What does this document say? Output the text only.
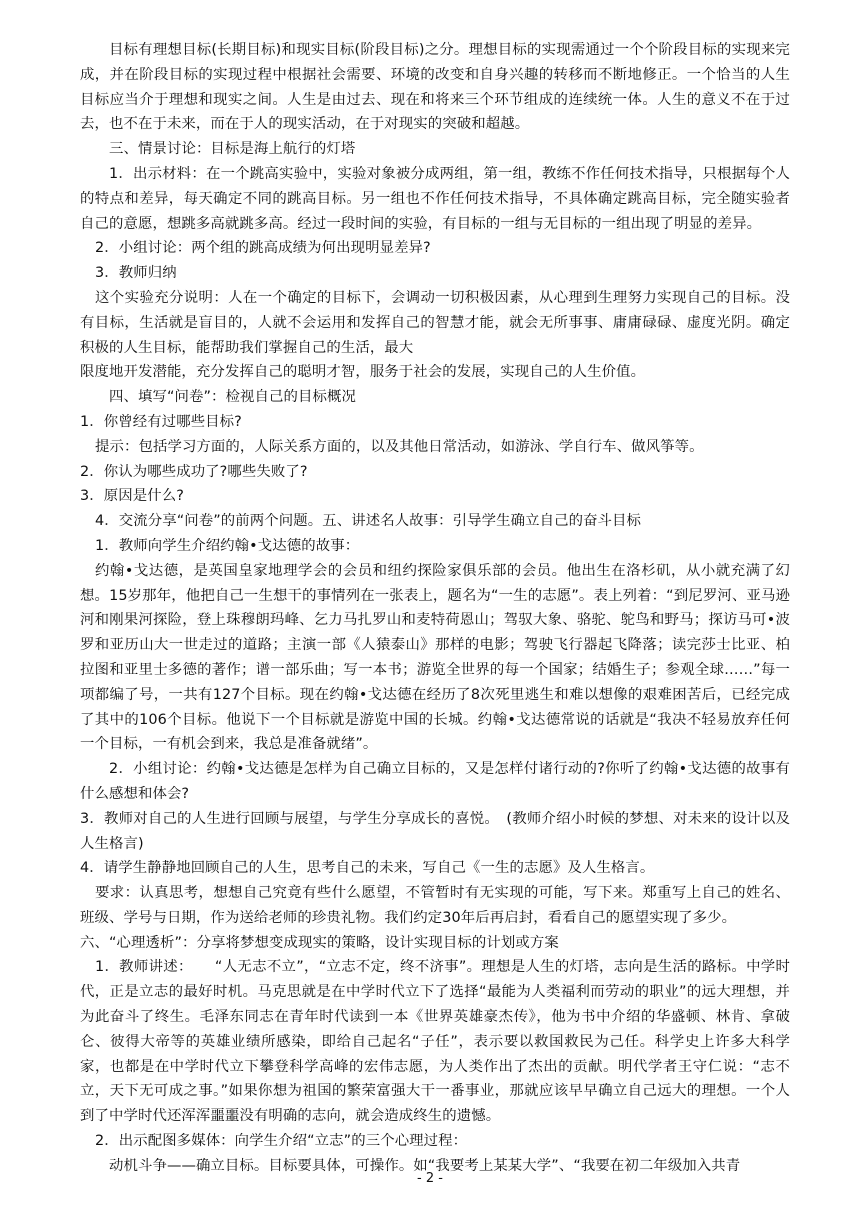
目标有理想目标(长期目标)和现实目标(阶段目标)之分。理想目标的实现需通过一个个阶段目标的实现来完成，并在阶段目标的实现过程中根据社会需要、环境的改变和自身兴趣的转移而不断地修正。一个恰当的人生目标应当介于理想和现实之间。人生是由过去、现在和将来三个环节组成的连续统一体。人生的意义不在于过去，也不在于未来，而在于人的现实活动，在于对现实的突破和超越。

三、情景讨论：目标是海上航行的灯塔

1．出示材料：在一个跳高实验中，实验对象被分成两组，第一组，教练不作任何技术指导，只根据每个人的特点和差异，每天确定不同的跳高目标。另一组也不作任何技术指导，不具体确定跳高目标，完全随实验者自己的意愿，想跳多高就跳多高。经过一段时间的实验，有目标的一组与无目标的一组出现了明显的差异。

2．小组讨论：两个组的跳高成绩为何出现明显差异?

3．教师归纳

这个实验充分说明：人在一个确定的目标下，会调动一切积极因素，从心理到生理努力实现自己的目标。没有目标，生活就是盲目的，人就不会运用和发挥自己的智慧才能，就会无所事事、庸庸碌碌、虚度光阴。确定积极的人生目标，能帮助我们掌握自己的生活，最大

限度地开发潜能，充分发挥自己的聪明才智，服务于社会的发展，实现自己的人生价值。

四、填写“问卷”：检视自己的目标概况

1．你曾经有过哪些目标?

提示：包括学习方面的，人际关系方面的，以及其他日常活动，如游泳、学自行车、做风筝等。

2．你认为哪些成功了?哪些失败了?

3．原因是什么?

4．交流分享“问卷”的前两个问题。五、讲述名人故事：引导学生确立自己的奋斗目标

1．教师向学生介绍约翰•戈达德的故事：

约翰•戈达德，是英国皇家地理学会的会员和纽约探险家俱乐部的会员。他出生在洛杉矶，从小就充满了幻想。15岁那年，他把自己一生想干的事情列在一张表上，题名为“一生的志愿”。表上列着：“到尼罗河、亚马逊河和刚果河探险，登上珠穆朗玛峰、乞力马扎罗山和麦特荷恩山；驾驭大象、骆驼、鸵鸟和野马；探访马可•波罗和亚历山大一世走过的道路；主演一部《人猿泰山》那样的电影；驾驶飞行器起飞降落；读完莎士比亚、柏拉图和亚里士多德的著作；谱一部乐曲；写一本书；游览全世界的每一个国家；结婚生子；参观全球……”每一项都编了号，一共有127个目标。现在约翰•戈达德在经历了8次死里逃生和难以想像的艰难困苦后，已经完成了其中的106个目标。他说下一个目标就是游览中国的长城。约翰•戈达德常说的话就是“我决不轻易放弃任何一个目标，一有机会到来，我总是准备就绪”。

2．小组讨论：约翰•戈达德是怎样为自己确立目标的，又是怎样付诸行动的?你听了约翰•戈达德的故事有什么感想和体会?

3．教师对自己的人生进行回顾与展望，与学生分享成长的喜悦。　(教师介绍小时候的梦想、对未来的设计以及人生格言)

4．请学生静静地回顾自己的人生，思考自己的未来，写自己《一生的志愿》及人生格言。

要求：认真思考，想想自己究竟有些什么愿望，不管暂时有无实现的可能，写下来。郑重写上自己的姓名、班级、学号与日期，作为送给老师的珍贵礼物。我们约定30年后再启封，看看自己的愿望实现了多少。

六、“心理透析”：分享将梦想变成现实的策略，设计实现目标的计划或方案

1．教师讲述：　　“人无志不立”，“立志不定，终不济事”。理想是人生的灯塔，志向是生活的路标。中学时代，正是立志的最好时机。马克思就是在中学时代立下了选择“最能为人类福利而劳动的职业”的远大理想，并为此奋斗了终生。毛泽东同志在青年时代读到一本《世界英雄豪杰传》，他为书中介绍的华盛顿、林肯、拿破仑、彼得大帝等的英雄业绩所感染，即给自己起名“子任”，表示要以救国救民为己任。科学史上许多大科学家，也都是在中学时代立下攀登科学高峰的宏伟志愿，为人类作出了杰出的贡献。明代学者王守仁说：“志不立，天下无可成之事。”如果你想为祖国的繁荣富强大干一番事业，那就应该早早确立自己远大的理想。一个人到了中学时代还浑浑噩噩没有明确的志向，就会造成终生的遗憾。

2．出示配图多媒体：向学生介绍“立志”的三个心理过程：

动机斗争——确立目标。目标要具体，可操作。如“我要考上某某大学”、“我要在初二年级加入共青

- 2 -
